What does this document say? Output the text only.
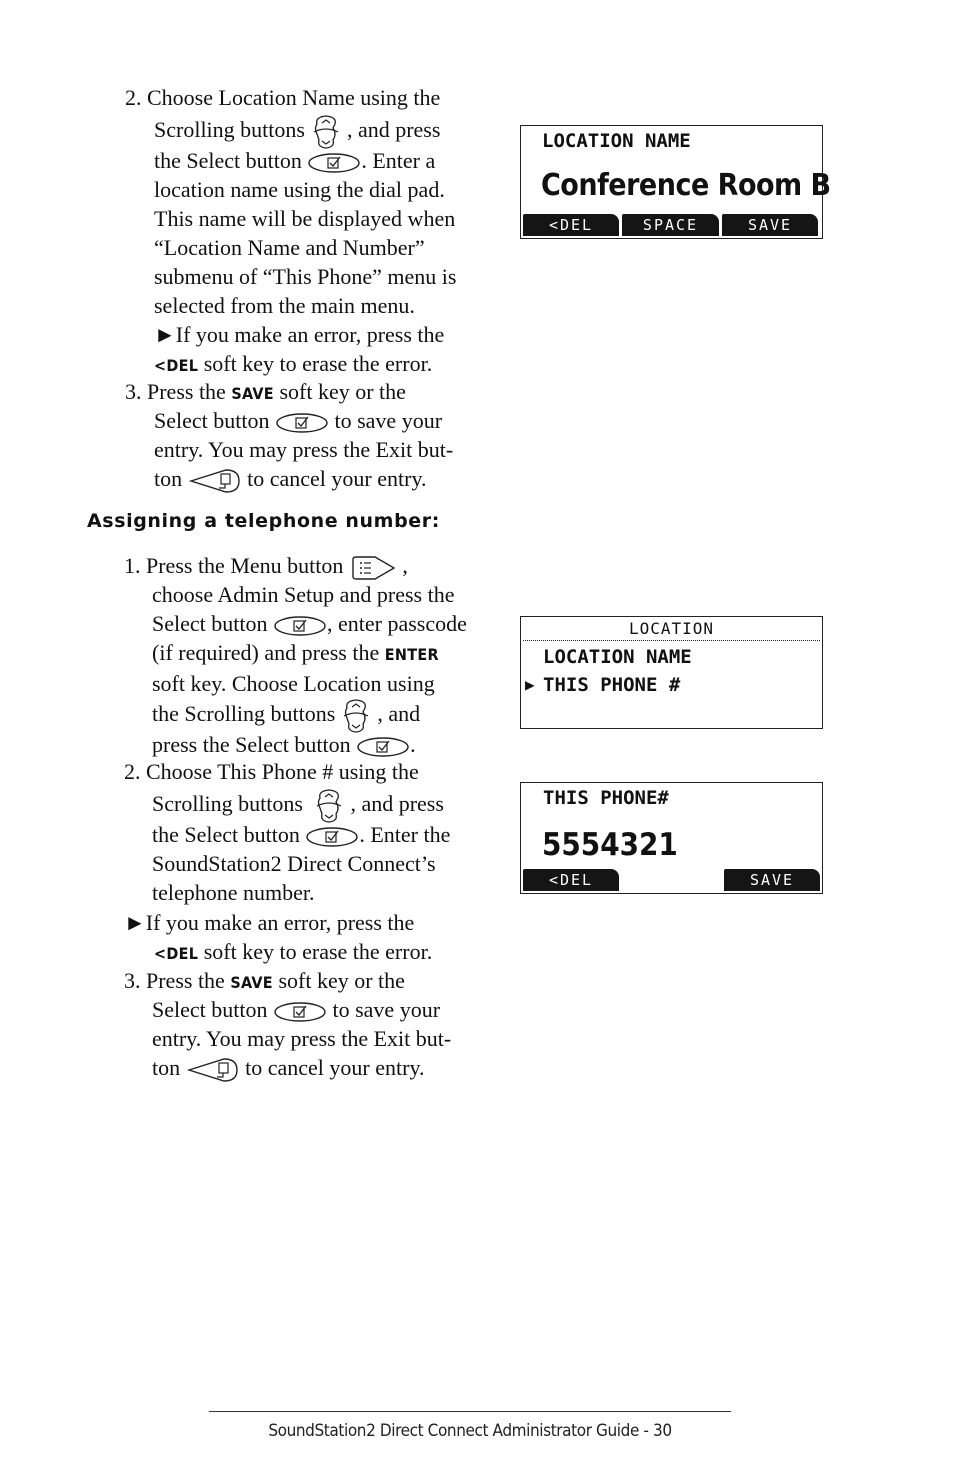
2. Choose Location Name using the
Scrolling buttons , and press
the Select button	. Enter a
location name using the dial pad.
This name will be displayed when
“Location Name and Number”
submenu of “This Phone” menu is
selected from the main menu.
►If you make an error, press the
<DEL soft key to erase the error.
3. Press the SAVE soft key or the
Select button	to save your
entry. You may press the Exit but-
ton	to cancel your entry.
Assigning a telephone number:
1. Press the Menu button
,
choose Admin Setup and press the
Select button	, enter passcode
(if required) and press the ENTER
soft key. Choose Location using
the Scrolling buttons , and
press the Select button	.
2. Choose This Phone # using the
Scrolling buttons , and press
the Select button	. Enter the
SoundStation2 Direct Connect’s
telephone number.
►If you make an error, press the
<DEL soft key to erase the error.
3. Press the SAVE soft key or the
Select button	to save your
entry. You may press the Exit but-
ton	to cancel your entry.
LOCATION NAME
Conference Room B
<DEL	SPACE	SAVE
LOCATION
LOCATION NAME
▶ THIS PHONE #
THIS PHONE#
5554321
<DEL	SAVE
SoundStation2 Direct Connect Administrator Guide - 30
